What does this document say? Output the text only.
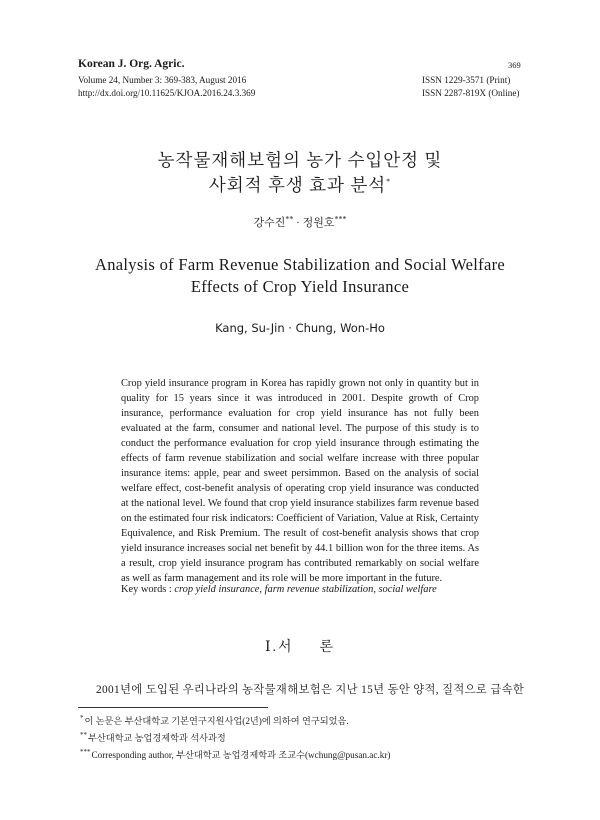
Korean J. Org. Agric.
Volume 24, Number 3: 369-383, August 2016
http://dx.doi.org/10.11625/KJOA.2016.24.3.369
369
ISSN 1229-3571 (Print)
ISSN 2287-819X (Online)
농작물재해보험의 농가 수입안정 및
사회적 후생 효과 분석*
강수진** · 정원호***
Analysis of Farm Revenue Stabilization and Social Welfare
Effects of Crop Yield Insurance
Kang, Su-Jin · Chung, Won-Ho
Crop yield insurance program in Korea has rapidly grown not only in quantity but in quality for 15 years since it was introduced in 2001. Despite growth of Crop insurance, performance evaluation for crop yield insurance has not fully been evaluated at the farm, consumer and national level. The purpose of this study is to conduct the performance evaluation for crop yield insurance through estimating the effects of farm revenue stabilization and social welfare increase with three popular insurance items: apple, pear and sweet persimmon. Based on the analysis of social welfare effect, cost-benefit analysis of operating crop yield insurance was conducted at the national level. We found that crop yield insurance stabilizes farm revenue based on the estimated four risk indicators: Coefficient of Variation, Value at Risk, Certainty Equivalence, and Risk Premium. The result of cost-benefit analysis shows that crop yield insurance increases social net benefit by 44.1 billion won for the three items. As a result, crop yield insurance program has contributed remarkably on social welfare as well as farm management and its role will be more important in the future.
Key words : crop yield insurance, farm revenue stabilization, social welfare
Ⅰ.서 론
2001년에 도입된 우리나라의 농작물재해보험은 지난 15년 동안 양적, 질적으로 급속한
*이 논문은 부산대학교 기본연구지원사업(2년)에 의하여 연구되었음.
**부산대학교 농업경제학과 석사과정
***Corresponding author, 부산대학교 농업경제학과 조교수(wchung@pusan.ac.kr)
